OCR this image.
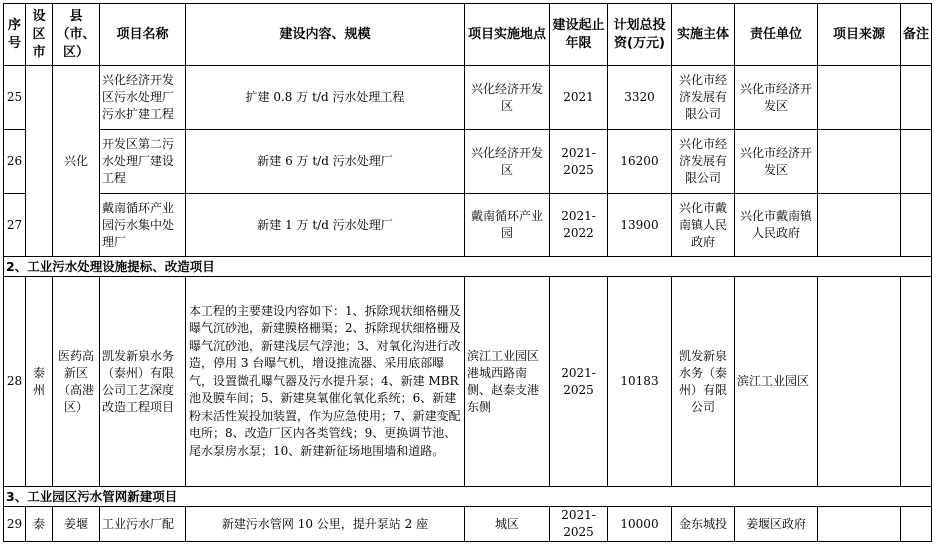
序号	设区市	县（市、区）	项目名称	建设内容、规模	项目实施地点	建设起止年限	计划总投资(万元)	实施主体	责任单位	项目来源	备注
25		兴化	兴化经济开发区污水处理厂污水扩建工程	扩建 0.8 万 t/d 污水处理工程	兴化经济开发区	2021	3320	兴化市经济发展有限公司	兴化市经济开发区		
26			开发区第二污水处理厂建设工程	新建 6 万 t/d 污水处理厂	兴化经济开发区	2021-2025	16200	兴化市经济发展有限公司	兴化市经济开发区		
27			戴南循环产业园污水集中处理厂	新建 1 万 t/d 污水处理厂	戴南循环产业园	2021-2022	13900	兴化市戴南镇人民政府	兴化市戴南镇人民政府		
2、工业污水处理设施提标、改造项目											
28	泰州	医药高新区（高港区）	凯发新泉水务（泰州）有限公司工艺深度改造工程项目	本工程的主要建设内容如下：1、拆除现状细格栅及曝气沉砂池，新建膜格栅渠；2、拆除现状细格栅及曝气沉砂池，新建浅层气浮池；3、对氧化沟进行改造，停用 3 台曝气机，增设推流器、采用底部曝气，设置微孔曝气器及污水提升泵；4、新建 MBR 池及膜车间；5、新建臭氧催化氧化系统；6、新建粉末活性炭投加装置，作为应急使用；7、新建变配电所；8、改造厂区内各类管线；9、更换调节池、尾水泵房水泵；10、新建新征场地围墙和道路。	滨江工业园区港城西路南侧、赵泰支港东侧	2021-2025	10183	凯发新泉水务（泰州）有限公司	滨江工业园区		
3、工业园区污水管网新建项目											
29	泰	姜堰	工业污水厂配	新建污水管网 10 公里，提升泵站 2 座	城区	2021-2025	10000	金东城投	姜堰区政府		
